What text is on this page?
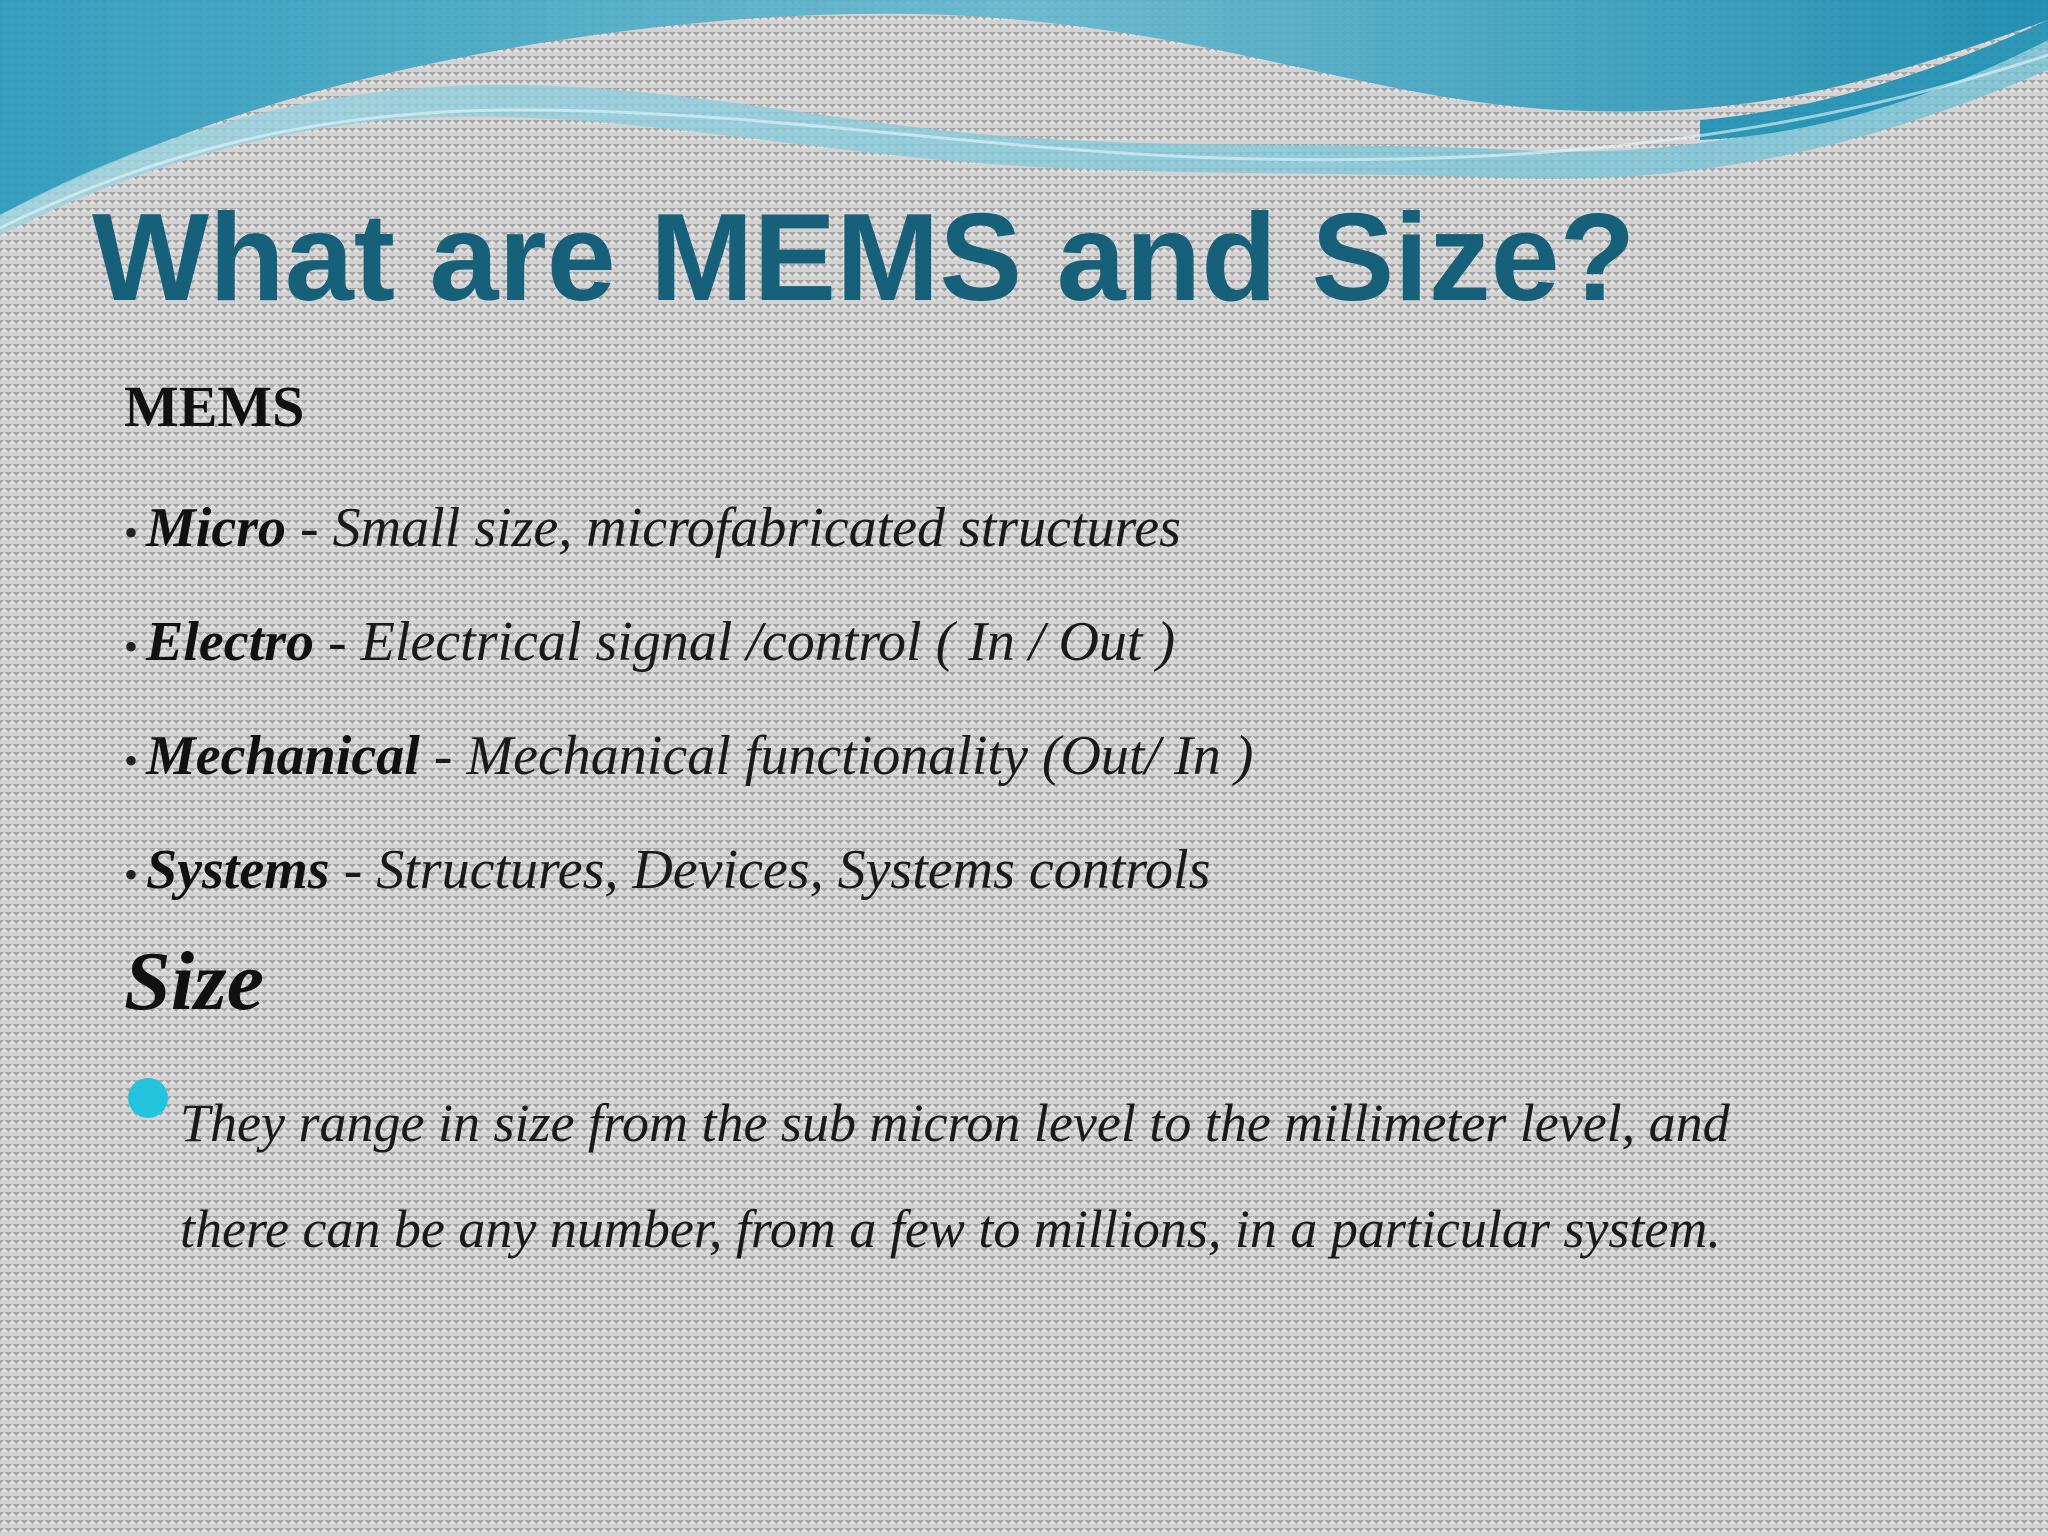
What are MEMS and Size?
MEMS
• Micro - Small size, microfabricated structures
• Electro - Electrical signal /control ( In / Out )
• Mechanical - Mechanical functionality (Out/ In )
• Systems - Structures, Devices, Systems controls
Size

They range in size from the sub micron level to the millimeter level, and there can be any number, from a few to millions, in a particular system.
